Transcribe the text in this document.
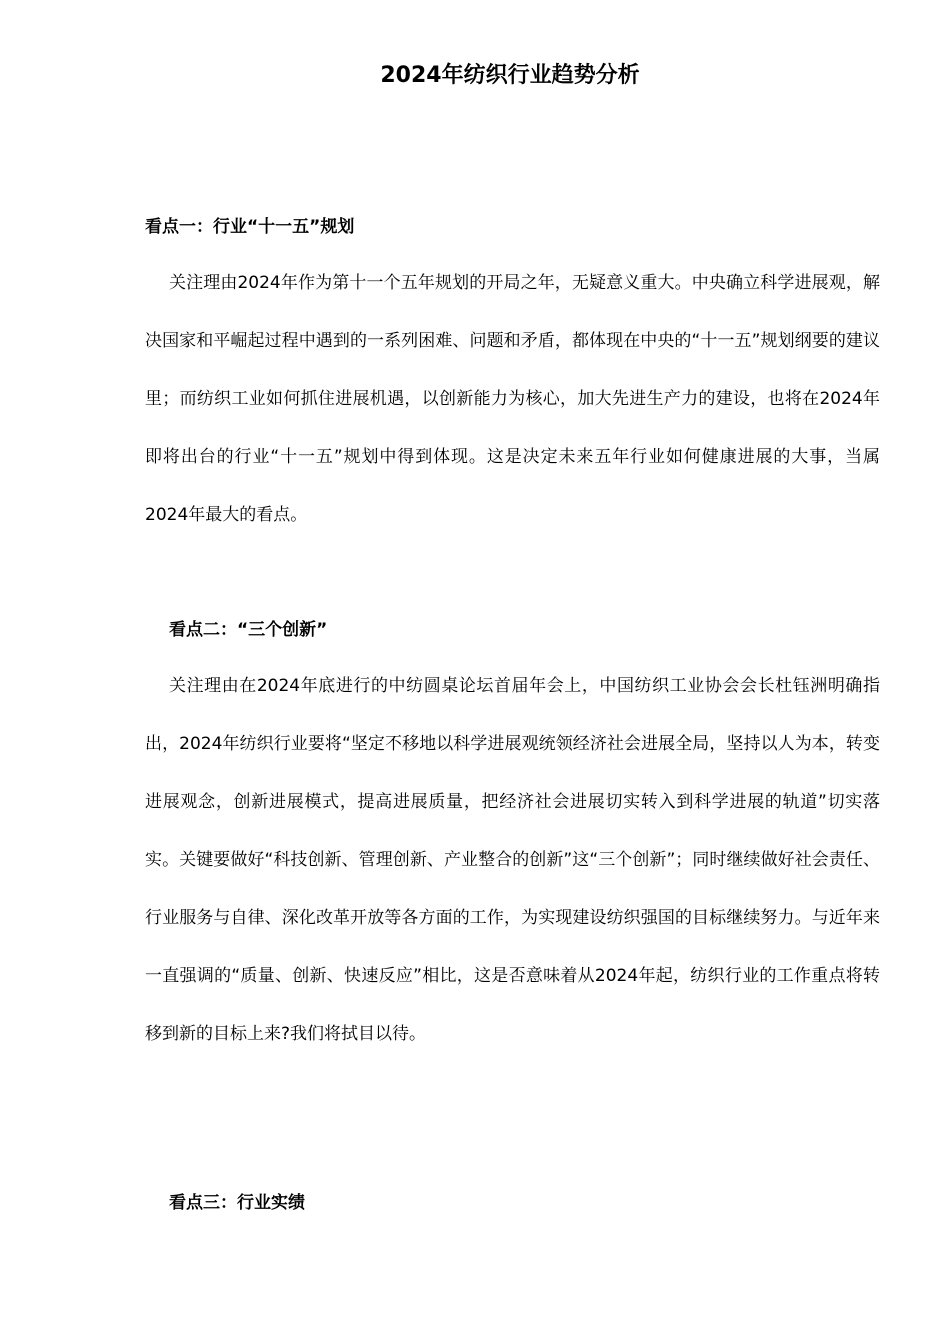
2024年纺织行业趋势分析
看点一：行业“十一五”规划

关注理由2024年作为第十一个五年规划的开局之年，无疑意义重大。中央确立科学进展观，解决国家和平崛起过程中遇到的一系列困难、问题和矛盾，都体现在中央的“十一五”规划纲要的建议里；而纺织工业如何抓住进展机遇，以创新能力为核心，加大先进生产力的建设，也将在2024年即将出台的行业“十一五”规划中得到体现。这是决定未来五年行业如何健康进展的大事，当属2024年最大的看点。

看点二：“三个创新”

关注理由在2024年底进行的中纺圆桌论坛首届年会上，中国纺织工业协会会长杜钰洲明确指出，2024年纺织行业要将“坚定不移地以科学进展观统领经济社会进展全局，坚持以人为本，转变进展观念，创新进展模式，提高进展质量，把经济社会进展切实转入到科学进展的轨道”切实落实。关键要做好“科技创新、管理创新、产业整合的创新”这“三个创新”；同时继续做好社会责任、行业服务与自律、深化改革开放等各方面的工作，为实现建设纺织强国的目标继续努力。与近年来一直强调的“质量、创新、快速反应”相比，这是否意味着从2024年起，纺织行业的工作重点将转移到新的目标上来?我们将拭目以待。

看点三：行业实绩
